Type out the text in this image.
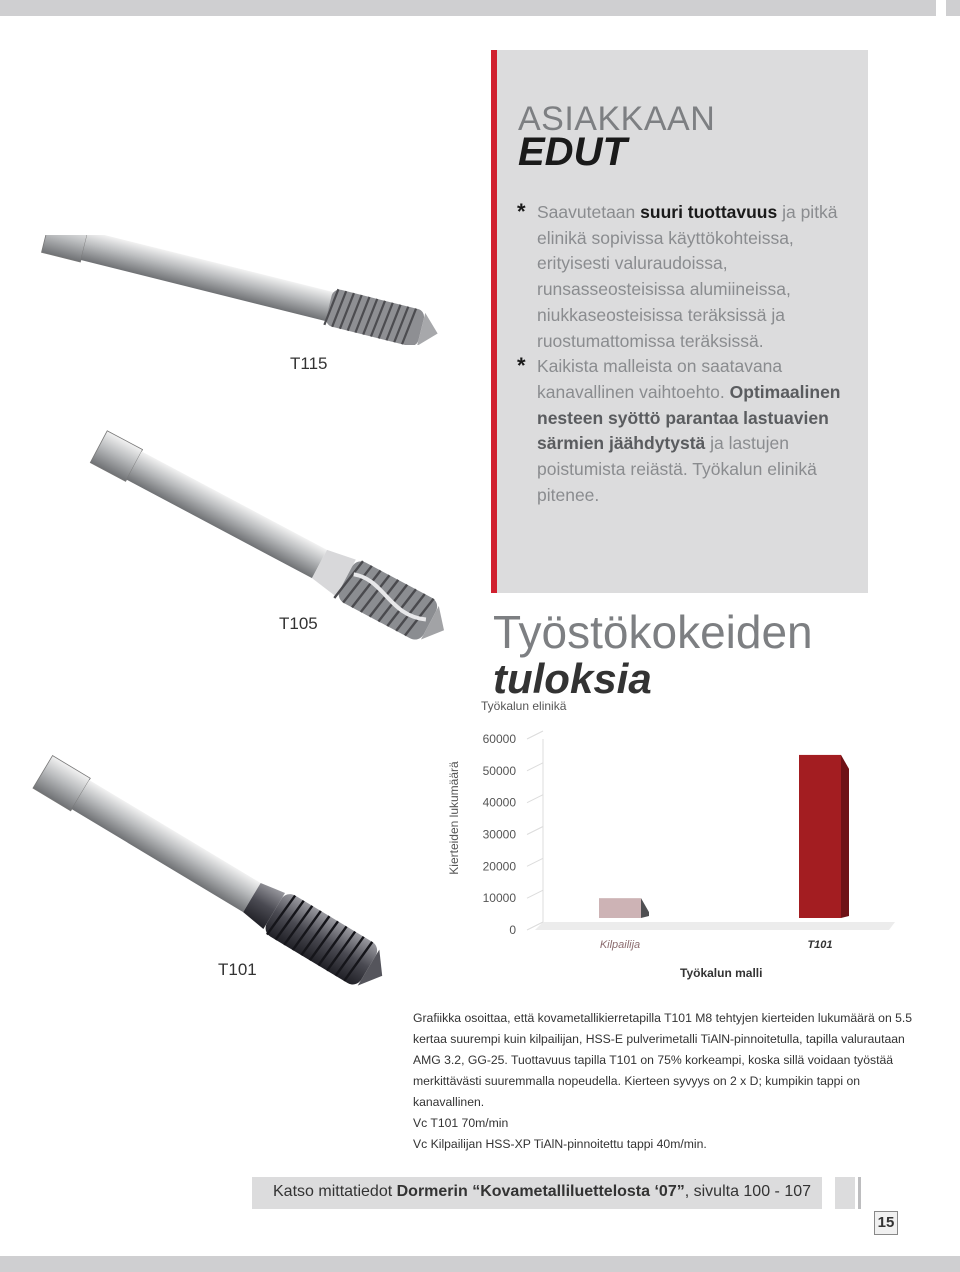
ASIAKKAAN
EDUT
* Saavutetaan suuri tuottavuus ja pitkä elinikä sopivissa käyttökohteissa, erityisesti valuraudoissa, runsasseosteisissa alumiineissa, niukkaseosteisissa teräksissä ja ruostumattomissa teräksissä.
* Kaikista malleista on saatavana kanavallinen vaihtoehto. Optimaalinen nesteen syöttö parantaa lastuavien särmien jäähdytystä ja lastujen poistumista reiästä. Työkalun elinikä pitenee.
T115
T105
T101
Työstökokeiden
tuloksia
Työkalun elinikä
Kierteiden lukumäärä
0
10000
20000
30000
40000
50000
60000
Kilpailija	T101
Työkalun malli
Grafiikka osoittaa, että kovametallikierretapilla T101 M8 tehtyjen kierteiden lukumäärä on 5.5 kertaa suurempi kuin kilpailijan, HSS-E pulverimetalli TiAlN-pinnoitetulla, tapilla valurautaan AMG 3.2, GG-25. Tuottavuus tapilla T101 on 75% korkeampi, koska sillä voidaan työstää merkittävästi suuremmalla nopeudella. Kierteen syvyys on 2 x D; kumpikin tappi on kanavallinen.
Vc T101 70m/min
Vc Kilpailijan HSS-XP TiAlN-pinnoitettu tappi 40m/min.
Katso mittatiedot Dormerin “Kovametalliluettelosta ‘07”, sivulta 100 - 107
15
